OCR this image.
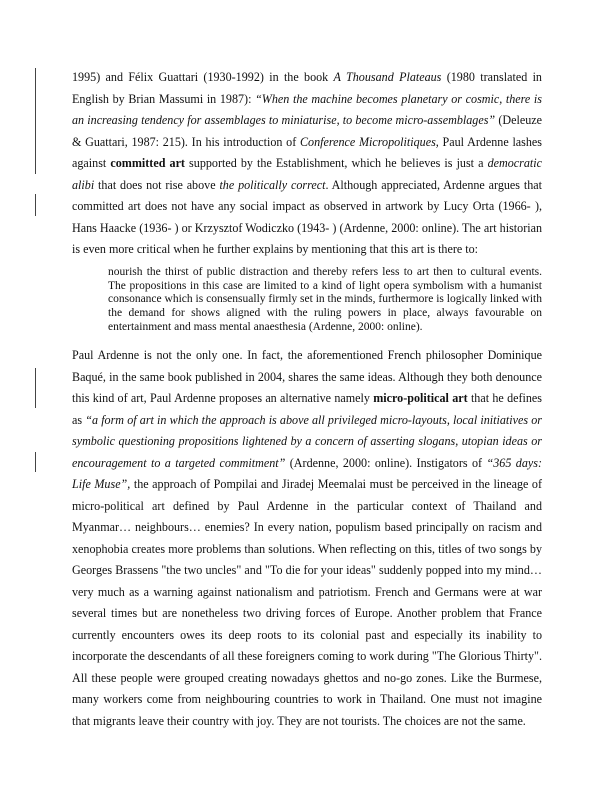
1995) and Félix Guattari (1930-1992) in the book A Thousand Plateaus (1980 translated in English by Brian Massumi in 1987): “When the machine becomes planetary or cosmic, there is an increasing tendency for assemblages to miniaturise, to become micro-assemblages” (Deleuze & Guattari, 1987: 215). In his introduction of Conference Micropolitiques, Paul Ardenne lashes against committed art supported by the Establishment, which he believes is just a democratic alibi that does not rise above the politically correct. Although appreciated, Ardenne argues that committed art does not have any social impact as observed in artwork by Lucy Orta (1966- ), Hans Haacke (1936- ) or Krzysztof Wodiczko (1943- ) (Ardenne, 2000: online). The art historian is even more critical when he further explains by mentioning that this art is there to:

nourish the thirst of public distraction and thereby refers less to art then to cultural events. The propositions in this case are limited to a kind of light opera symbolism with a humanist consonance which is consensually firmly set in the minds, furthermore is logically linked with the demand for shows aligned with the ruling powers in place, always favourable on entertainment and mass mental anaesthesia (Ardenne, 2000: online).

Paul Ardenne is not the only one. In fact, the aforementioned French philosopher Dominique Baqué, in the same book published in 2004, shares the same ideas. Although they both denounce this kind of art, Paul Ardenne proposes an alternative namely micro-political art that he defines as “a form of art in which the approach is above all privileged micro-layouts, local initiatives or symbolic questioning propositions lightened by a concern of asserting slogans, utopian ideas or encouragement to a targeted commitment” (Ardenne, 2000: online). Instigators of “365 days: Life Muse”, the approach of Pompilai and Jiradej Meemalai must be perceived in the lineage of micro-political art defined by Paul Ardenne in the particular context of Thailand and Myanmar… neighbours… enemies? In every nation, populism based principally on racism and xenophobia creates more problems than solutions. When reflecting on this, titles of two songs by Georges Brassens "the two uncles" and "To die for your ideas" suddenly popped into my mind… very much as a warning against nationalism and patriotism. French and Germans were at war several times but are nonetheless two driving forces of Europe. Another problem that France currently encounters owes its deep roots to its colonial past and especially its inability to incorporate the descendants of all these foreigners coming to work during "The Glorious Thirty". All these people were grouped creating nowadays ghettos and no-go zones. Like the Burmese, many workers come from neighbouring countries to work in Thailand. One must not imagine that migrants leave their country with joy. They are not tourists. The choices are not the same.
